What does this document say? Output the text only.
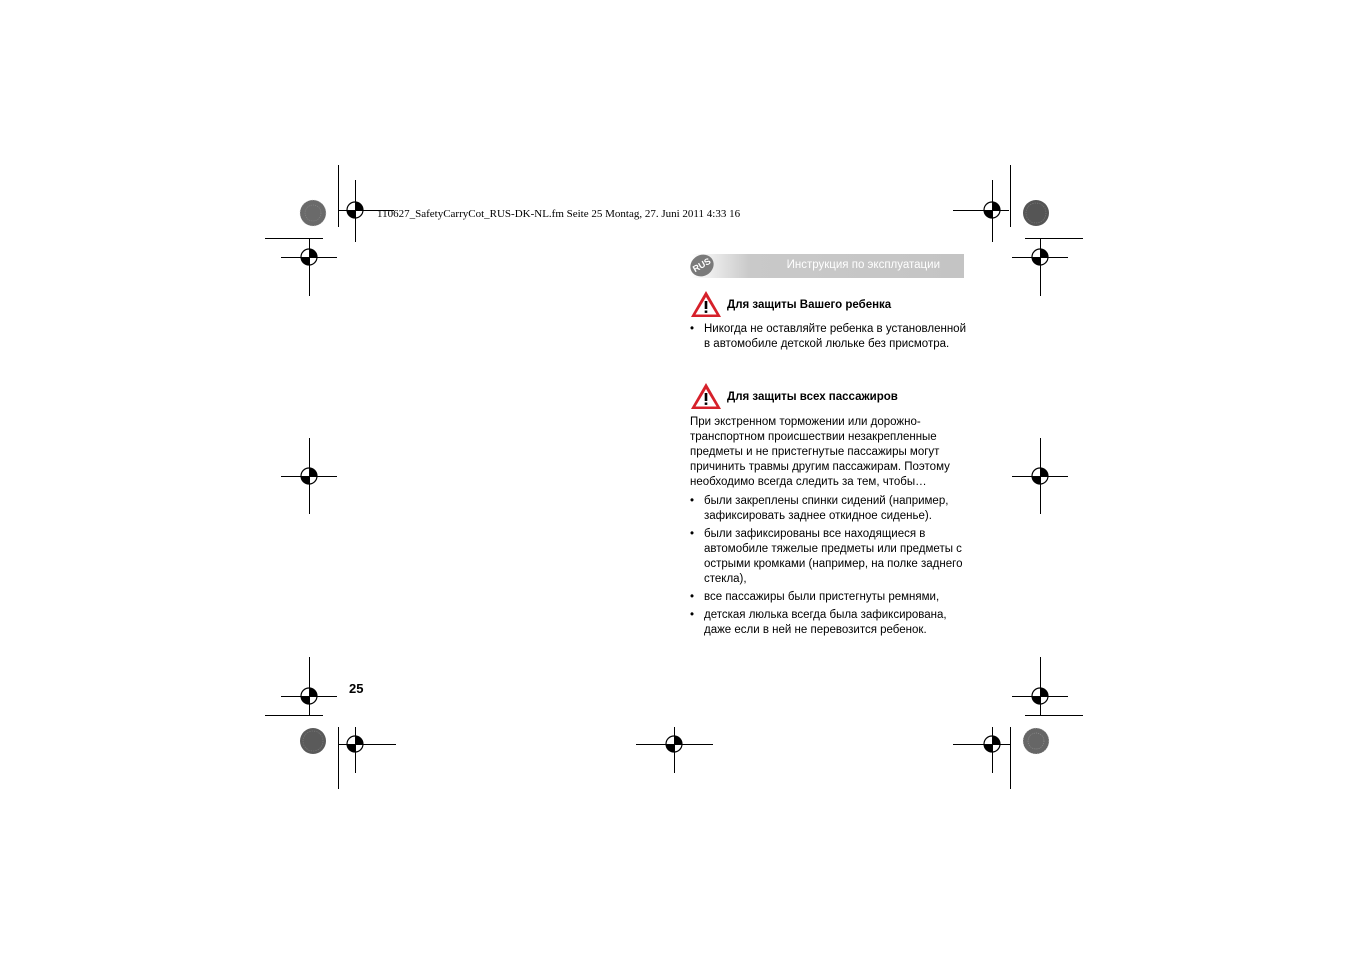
110627_SafetyCarryCot_RUS-DK-NL.fm Seite 25 Montag, 27. Juni 2011 4:33 16
RUS	Инструкция по эксплуатации
Для защиты Вашего ребенка
• Никогда не оставляйте ребенка в установленной в автомобиле детской люльке без присмотра.
Для защиты всех пассажиров
При экстренном торможении или дорожно-транспортном происшествии незакрепленные предметы и не пристегнутые пассажиры могут причинить травмы другим пассажирам. Поэтому необходимо всегда следить за тем, чтобы…
• были закреплены спинки сидений (например, зафиксировать заднее откидное сиденье).
• были зафиксированы все находящиеся в автомобиле тяжелые предметы или предметы с острыми кромками (например, на полке заднего стекла),
• все пассажиры были пристегнуты ремнями,
• детская люлька всегда была зафиксирована, даже если в ней не перевозится ребенок.
25
